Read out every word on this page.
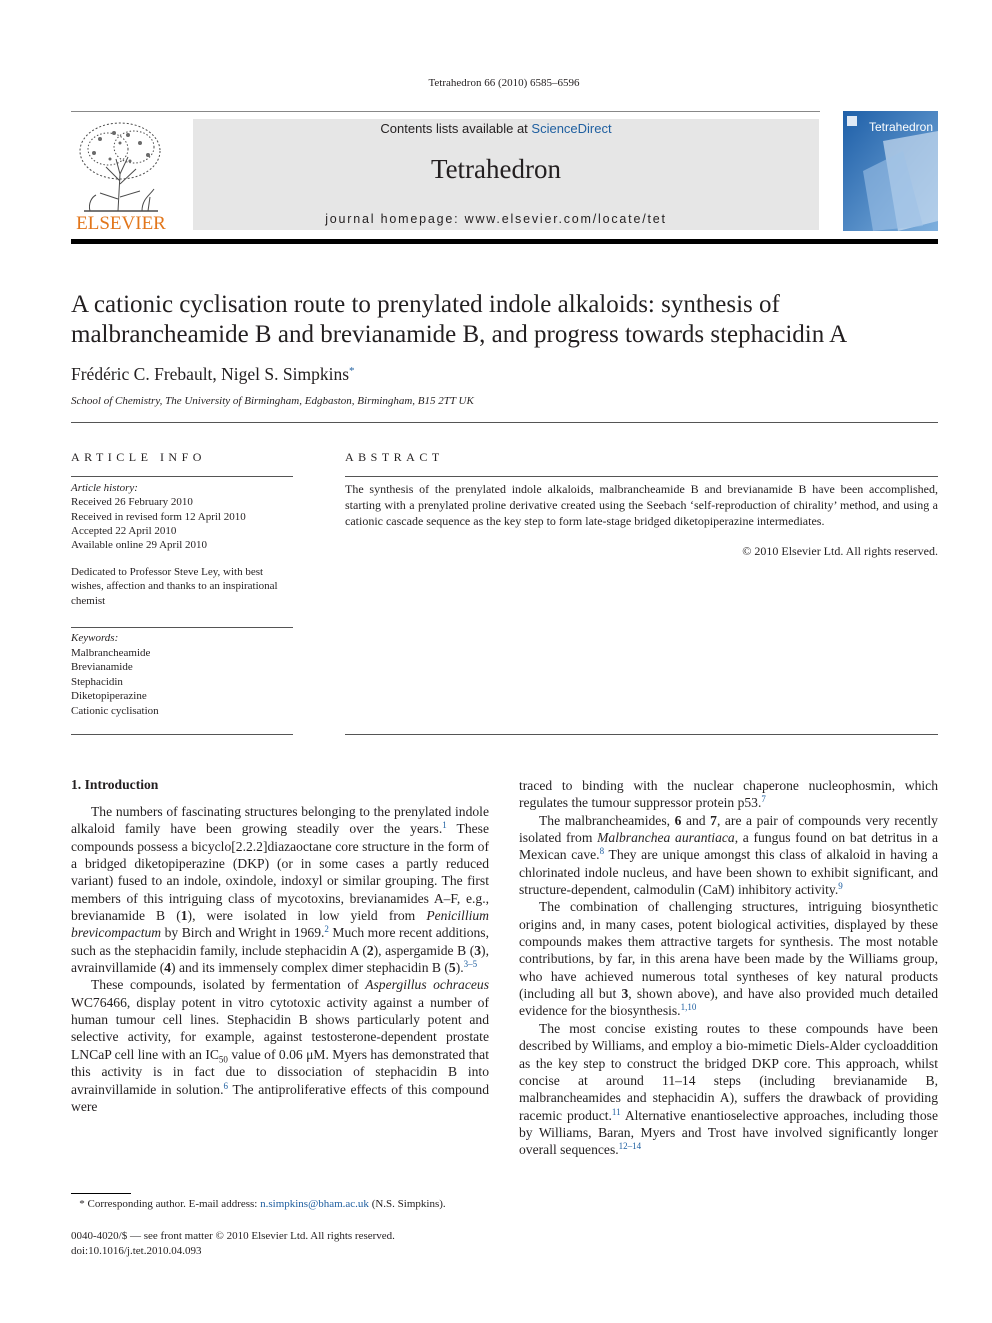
Tetrahedron 66 (2010) 6585–6596
ELSEVIER
Contents lists available at ScienceDirect
Tetrahedron
journal homepage: www.elsevier.com/locate/tet
Tetrahedron
A cationic cyclisation route to prenylated indole alkaloids: synthesis of malbrancheamide B and brevianamide B, and progress towards stephacidin A
Frédéric C. Frebault, Nigel S. Simpkins*
School of Chemistry, The University of Birmingham, Edgbaston, Birmingham, B15 2TT UK
ARTICLE INFO	ABSTRACT
Article history:
Received 26 February 2010
Received in revised form 12 April 2010
Accepted 22 April 2010
Available online 29 April 2010
Dedicated to Professor Steve Ley, with best wishes, affection and thanks to an inspirational chemist
Keywords:
Malbrancheamide
Brevianamide
Stephacidin
Diketopiperazine
Cationic cyclisation
The synthesis of the prenylated indole alkaloids, malbrancheamide B and brevianamide B have been accomplished, starting with a prenylated proline derivative created using the Seebach ‘self-reproduction of chirality’ method, and using a cationic cascade sequence as the key step to form late-stage bridged diketopiperazine intermediates.
© 2010 Elsevier Ltd. All rights reserved.
1. Introduction

The numbers of fascinating structures belonging to the prenylated indole alkaloid family have been growing steadily over the years.$^1$ These compounds possess a bicyclo[2.2.2]diazaoctane core structure in the form of a bridged diketopiperazine (DKP) (or in some cases a partly reduced variant) fused to an indole, oxindole, indoxyl or similar grouping. The first members of this intriguing class of mycotoxins, brevianamides A–F, e.g., brevianamide B (1), were isolated in low yield from Penicillium brevicompactum by Birch and Wright in 1969.$^2$ Much more recent additions, such as the stephacidin family, include stephacidin A (2), aspergamide B (3), avrainvillamide (4) and its immensely complex dimer stephacidin B (5).$^{3-5}$

These compounds, isolated by fermentation of Aspergillus ochraceus WC76466, display potent in vitro cytotoxic activity against a number of human tumour cell lines. Stephacidin B shows particularly potent and selective activity, for example, against testosterone-dependent prostate LNCaP cell line with an $IC_{50}$ value of 0.06 μM. Myers has demonstrated that this activity is in fact due to dissociation of stephacidin B into avrainvillamide in solution.$^6$ The antiproliferative effects of this compound were

traced to binding with the nuclear chaperone nucleophosmin, which regulates the tumour suppressor protein p53.$^7$

The malbrancheamides, 6 and 7, are a pair of compounds very recently isolated from Malbranchea aurantiaca, a fungus found on bat detritus in a Mexican cave.$^8$ They are unique amongst this class of alkaloid in having a chlorinated indole nucleus, and have been shown to exhibit significant, and structure-dependent, calmodulin (CaM) inhibitory activity.$^9$

The combination of challenging structures, intriguing biosynthetic origins and, in many cases, potent biological activities, displayed by these compounds makes them attractive targets for synthesis. The most notable contributions, by far, in this arena have been made by the Williams group, who have achieved numerous total syntheses of key natural products (including all but 3, shown above), and have also provided much detailed evidence for the biosynthesis.$^{1,10}$

The most concise existing routes to these compounds have been described by Williams, and employ a bio-mimetic Diels-Alder cycloaddition as the key step to construct the bridged DKP core. This approach, whilst concise at around 11–14 steps (including brevianamide B, malbrancheamides and stephacidin A), suffers the drawback of providing racemic product.$^{11}$ Alternative enantioselective approaches, including those by Williams, Baran, Myers and Trost have involved significantly longer overall sequences.$^{12-14}$

* Corresponding author. E-mail address: n.simpkins@bham.ac.uk (N.S. Simpkins).
0040-4020/$ — see front matter © 2010 Elsevier Ltd. All rights reserved.
doi:10.1016/j.tet.2010.04.093
